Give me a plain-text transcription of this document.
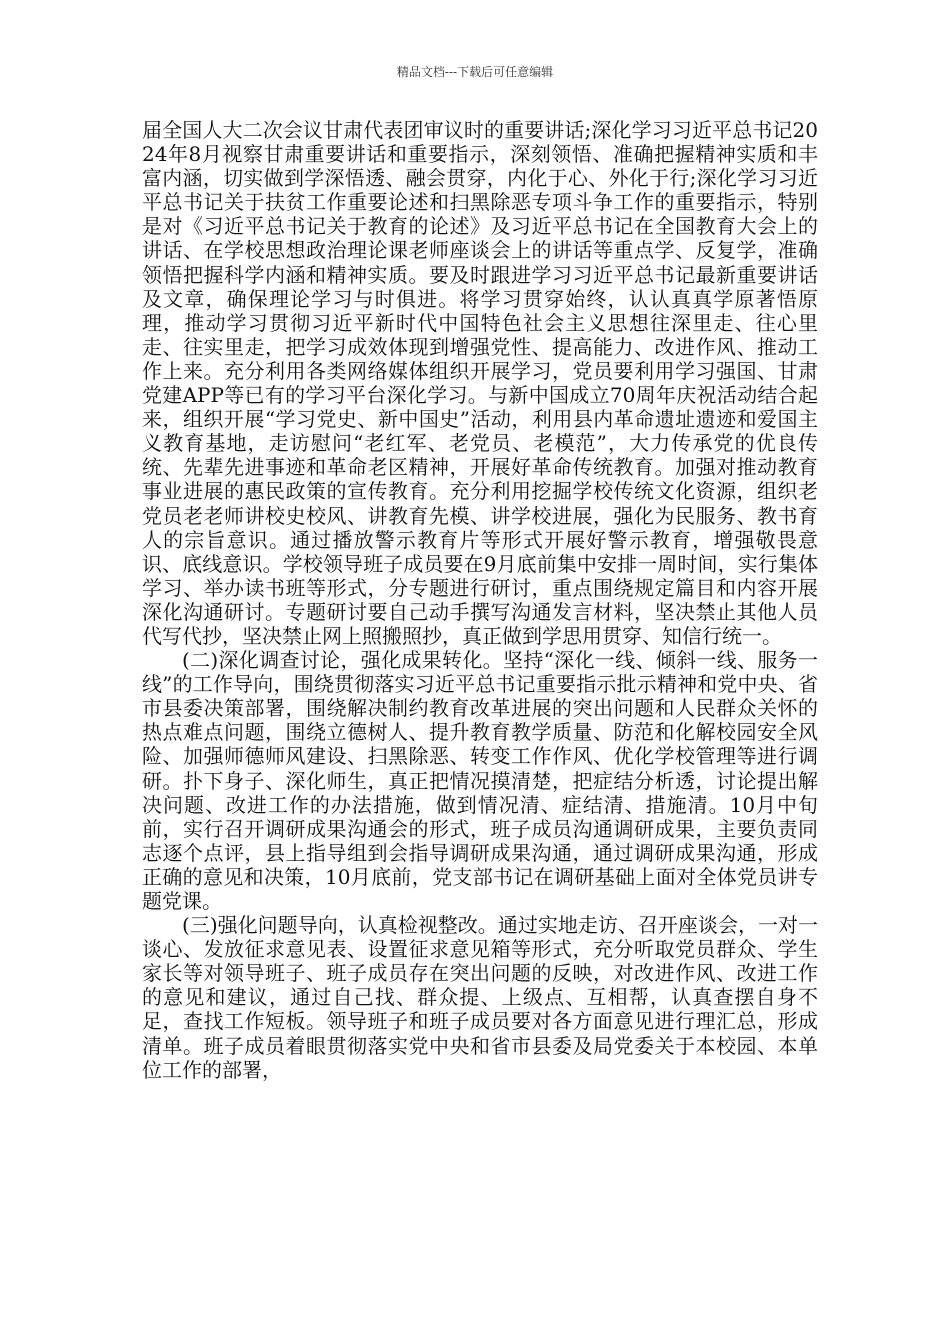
精品文档---下载后可任意编辑

届全国人大二次会议甘肃代表团审议时的重要讲话;深化学习习近平总书记2024年8月视察甘肃重要讲话和重要指示，深刻领悟、准确把握精神实质和丰富内涵，切实做到学深悟透、融会贯穿，内化于心、外化于行;深化学习习近平总书记关于扶贫工作重要论述和扫黑除恶专项斗争工作的重要指示，特别是对《习近平总书记关于教育的论述》及习近平总书记在全国教育大会上的讲话、在学校思想政治理论课老师座谈会上的讲话等重点学、反复学，准确领悟把握科学内涵和精神实质。要及时跟进学习习近平总书记最新重要讲话及文章，确保理论学习与时俱进。将学习贯穿始终，认认真真学原著悟原理，推动学习贯彻习近平新时代中国特色社会主义思想往深里走、往心里走、往实里走，把学习成效体现到增强党性、提高能力、改进作风、推动工作上来。充分利用各类网络媒体组织开展学习，党员要利用学习强国、甘肃党建APP等已有的学习平台深化学习。与新中国成立70周年庆祝活动结合起来，组织开展“学习党史、新中国史”活动，利用县内革命遗址遗迹和爱国主义教育基地，走访慰问“老红军、老党员、老模范”，大力传承党的优良传统、先辈先进事迹和革命老区精神，开展好革命传统教育。加强对推动教育事业进展的惠民政策的宣传教育。充分利用挖掘学校传统文化资源，组织老党员老老师讲校史校风、讲教育先模、讲学校进展，强化为民服务、教书育人的宗旨意识。通过播放警示教育片等形式开展好警示教育，增强敬畏意识、底线意识。学校领导班子成员要在9月底前集中安排一周时间，实行集体学习、举办读书班等形式，分专题进行研讨，重点围绕规定篇目和内容开展深化沟通研讨。专题研讨要自己动手撰写沟通发言材料，坚决禁止其他人员代写代抄，坚决禁止网上照搬照抄，真正做到学思用贯穿、知信行统一。

(二)深化调查讨论，强化成果转化。坚持“深化一线、倾斜一线、服务一线”的工作导向，围绕贯彻落实习近平总书记重要指示批示精神和党中央、省市县委决策部署，围绕解决制约教育改革进展的突出问题和人民群众关怀的热点难点问题，围绕立德树人、提升教育教学质量、防范和化解校园安全风险、加强师德师风建设、扫黑除恶、转变工作作风、优化学校管理等进行调研。扑下身子、深化师生，真正把情况摸清楚，把症结分析透，讨论提出解决问题、改进工作的办法措施，做到情况清、症结清、措施清。10月中旬前，实行召开调研成果沟通会的形式，班子成员沟通调研成果，主要负责同志逐个点评，县上指导组到会指导调研成果沟通，通过调研成果沟通，形成正确的意见和决策，10月底前，党支部书记在调研基础上面对全体党员讲专题党课。

(三)强化问题导向，认真检视整改。通过实地走访、召开座谈会，一对一谈心、发放征求意见表、设置征求意见箱等形式，充分听取党员群众、学生家长等对领导班子、班子成员存在突出问题的反映，对改进作风、改进工作的意见和建议，通过自己找、群众提、上级点、互相帮，认真查摆自身不足，查找工作短板。领导班子和班子成员要对各方面意见进行理汇总，形成清单。班子成员着眼贯彻落实党中央和省市县委及局党委关于本校园、本单位工作的部署，
